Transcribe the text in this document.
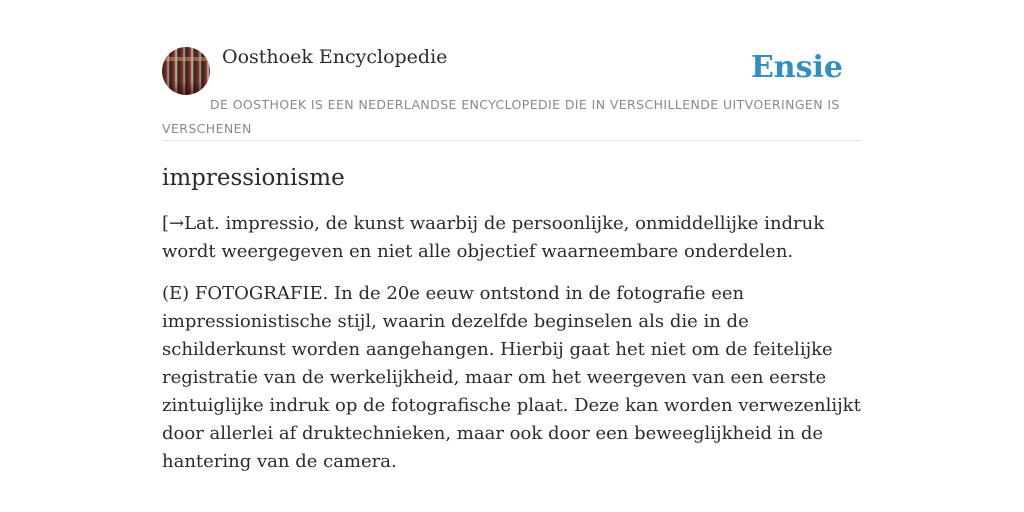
Oosthoek Encyclopedie	Ensie
DE OOSTHOEK IS EEN NEDERLANDSE ENCYCLOPEDIE DIE IN VERSCHILLENDE UITVOERINGEN IS VERSCHENEN
impressionisme

[→Lat. impressio, de kunst waarbij de persoonlijke, onmiddellijke indruk wordt weergegeven en niet alle objectief waarneembare onderdelen.

(E) FOTOGRAFIE. In de 20e eeuw ontstond in de fotografie een impressionistische stijl, waarin dezelfde beginselen als die in de schilderkunst worden aangehangen. Hierbij gaat het niet om de feitelijke registratie van de werkelijkheid, maar om het weergeven van een eerste zintuiglijke indruk op de fotografische plaat. Deze kan worden verwezenlijkt door allerlei af druktechnieken, maar ook door een beweeglijkheid in de hantering van de camera.
